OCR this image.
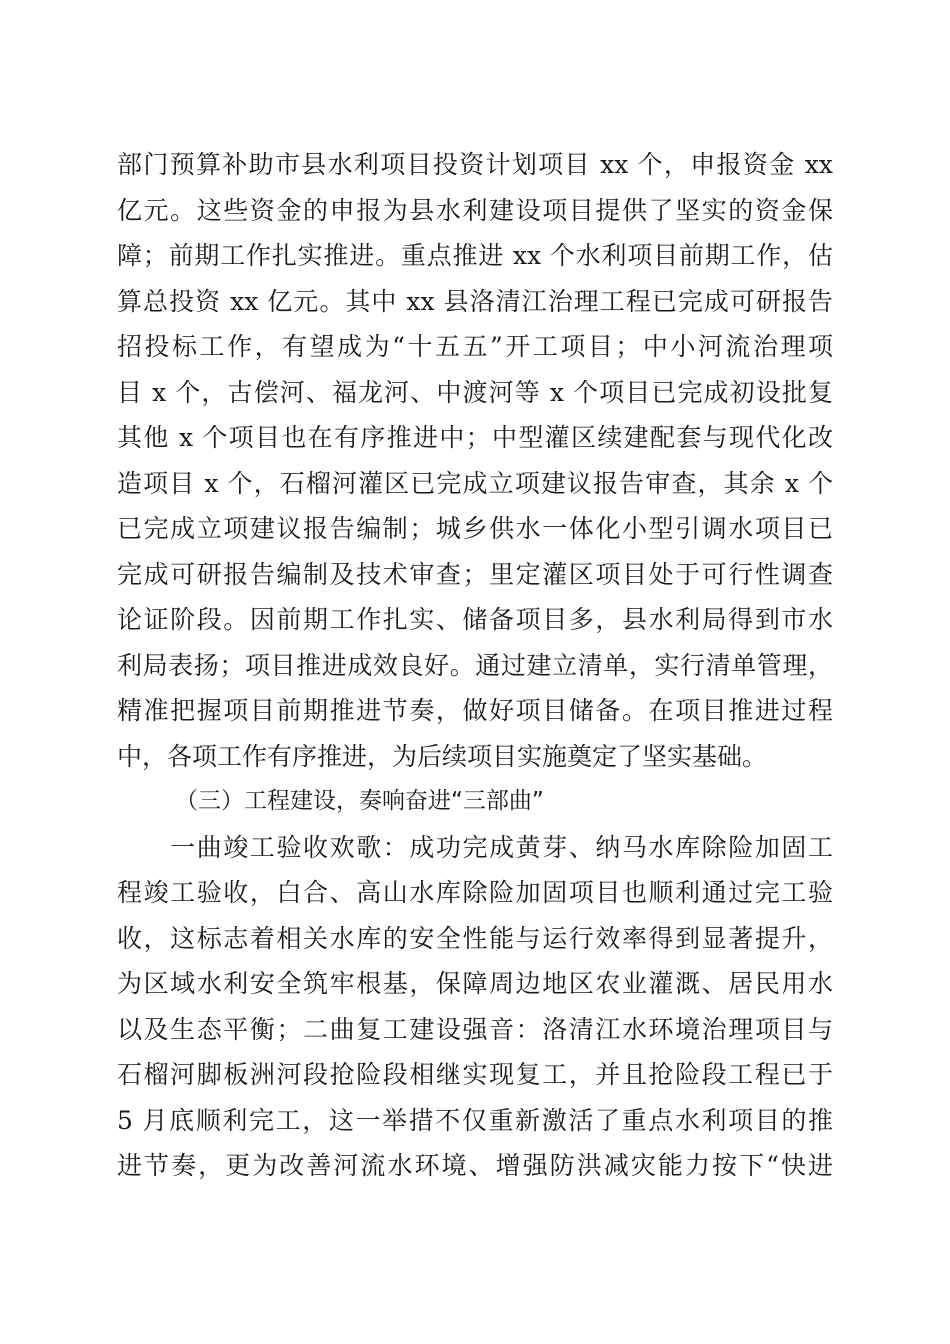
部门预算补助市县水利项目投资计划项目 xx 个，申报资金 xx
亿元。这些资金的申报为县水利建设项目提供了坚实的资金保
障；前期工作扎实推进。重点推进 xx 个水利项目前期工作，估
算总投资 xx 亿元。其中 xx 县洛清江治理工程已完成可研报告
招投标工作，有望成为“十五五”开工项目；中小河流治理项
目 x 个，古偿河、福龙河、中渡河等 x 个项目已完成初设批复
其他 x 个项目也在有序推进中；中型灌区续建配套与现代化改
造项目 x 个，石榴河灌区已完成立项建议报告审查，其余 x 个
已完成立项建议报告编制；城乡供水一体化小型引调水项目已
完成可研报告编制及技术审查；里定灌区项目处于可行性调查
论证阶段。因前期工作扎实、储备项目多，县水利局得到市水
利局表扬；项目推进成效良好。通过建立清单，实行清单管理，
精准把握项目前期推进节奏，做好项目储备。在项目推进过程
中，各项工作有序推进，为后续项目实施奠定了坚实基础。
（三）工程建设，奏响奋进“三部曲”
　　一曲竣工验收欢歌：成功完成黄芽、纳马水库除险加固工
程竣工验收，白合、高山水库除险加固项目也顺利通过完工验
收，这标志着相关水库的安全性能与运行效率得到显著提升，
为区域水利安全筑牢根基，保障周边地区农业灌溉、居民用水
以及生态平衡；二曲复工建设强音：洛清江水环境治理项目与
石榴河脚板洲河段抢险段相继实现复工，并且抢险段工程已于
5 月底顺利完工，这一举措不仅重新激活了重点水利项目的推
进节奏，更为改善河流水环境、增强防洪减灾能力按下“快进
